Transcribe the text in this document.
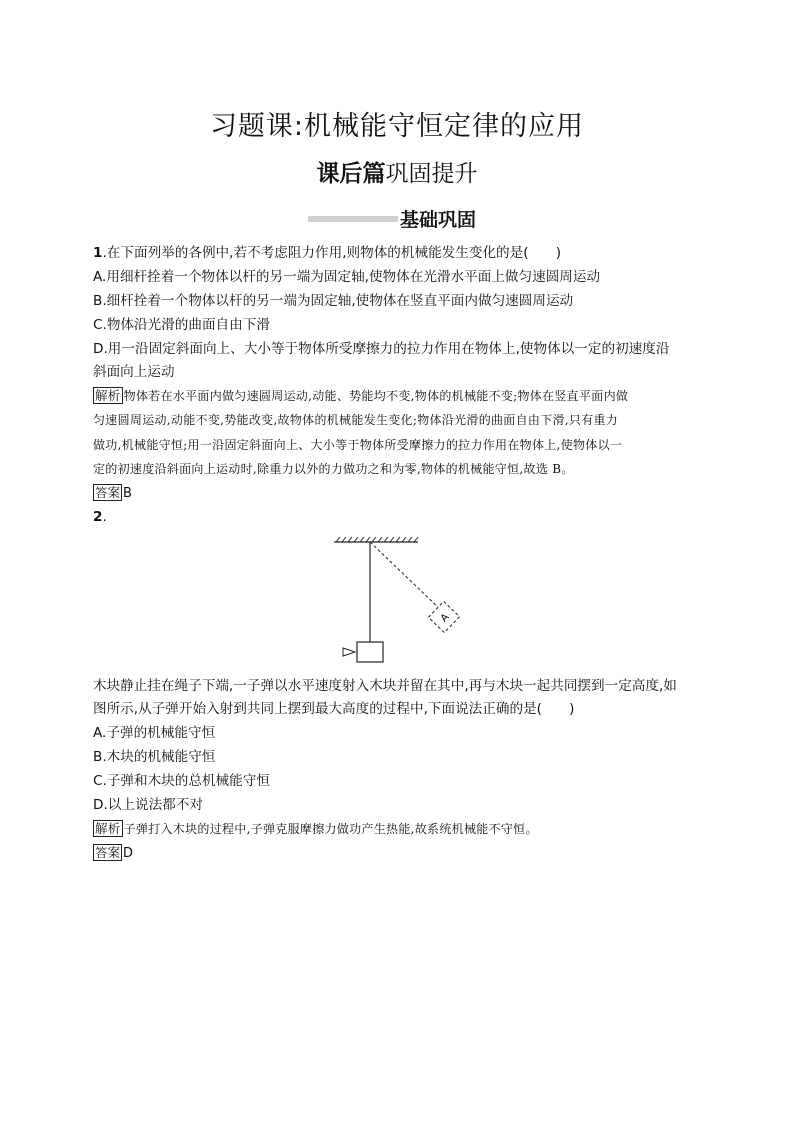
习题课:机械能守恒定律的应用
课后篇巩固提升
基础巩固
1.在下面列举的各例中,若不考虑阻力作用,则物体的机械能发生变化的是(　　)
A.用细杆拴着一个物体以杆的另一端为固定轴,使物体在光滑水平面上做匀速圆周运动
B.细杆拴着一个物体以杆的另一端为固定轴,使物体在竖直平面内做匀速圆周运动
C.物体沿光滑的曲面自由下滑
D.用一沿固定斜面向上、大小等于物体所受摩擦力的拉力作用在物体上,使物体以一定的初速度沿
斜面向上运动
解析 物体若在水平面内做匀速圆周运动,动能、势能均不变,物体的机械能不变;物体在竖直平面内做
匀速圆周运动,动能不变,势能改变,故物体的机械能发生变化;物体沿光滑的曲面自由下滑,只有重力
做功,机械能守恒;用一沿固定斜面向上、大小等于物体所受摩擦力的拉力作用在物体上,使物体以一
定的初速度沿斜面向上运动时,除重力以外的力做功之和为零,物体的机械能守恒,故选 B。
答案 B
2.
A
木块静止挂在绳子下端,一子弹以水平速度射入木块并留在其中,再与木块一起共同摆到一定高度,如
图所示,从子弹开始入射到共同上摆到最大高度的过程中,下面说法正确的是(　　)
A.子弹的机械能守恒
B.木块的机械能守恒
C.子弹和木块的总机械能守恒
D.以上说法都不对
解析 子弹打入木块的过程中,子弹克服摩擦力做功产生热能,故系统机械能不守恒。
答案 D
